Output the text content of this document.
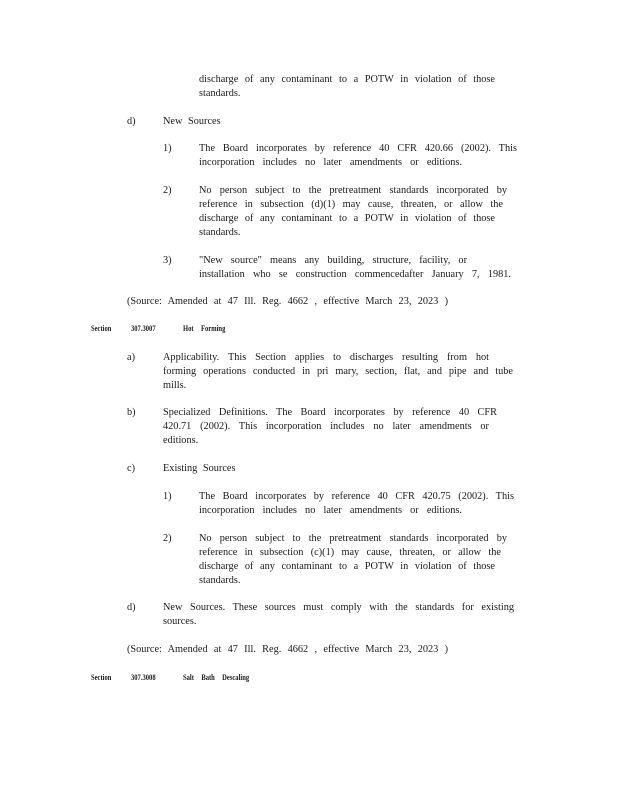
discharge of any contaminant to a POTW in violation of those
standards.
d)	New Sources
1)	The Board incorporates by reference 40 CFR 420.66 (2002). This
incorporation includes no later amendments or editions.
2)	No person subject to the pretreatment standards incorporated by
reference in subsection (d)(1) may cause, threaten, or allow the
discharge of any contaminant to a POTW in violation of those
standards.
3)	"New source" means any building, structure, facility, or
installation who se construction commencedafter January 7, 1981.
(Source: Amended at 47 Ill. Reg. 4662 , effective March 23, 2023 )
Section 307.3007	Hot Forming
a)	Applicability. This Section applies to discharges resulting from hot
forming operations conducted in pri mary, section, flat, and pipe and tube
mills.
b)	Specialized Definitions. The Board incorporates by reference 40 CFR
420.71 (2002). This incorporation includes no later amendments or
editions.
c)	Existing Sources
1)	The Board incorporates by reference 40 CFR 420.75 (2002). This
incorporation includes no later amendments or editions.
2)	No person subject to the pretreatment standards incorporated by
reference in subsection (c)(1) may cause, threaten, or allow the
discharge of any contaminant to a POTW in violation of those
standards.
d)	New Sources. These sources must comply with the standards for existing
sources.
(Source: Amended at 47 Ill. Reg. 4662 , effective March 23, 2023 )
Section 307.3008	Salt Bath Descaling
